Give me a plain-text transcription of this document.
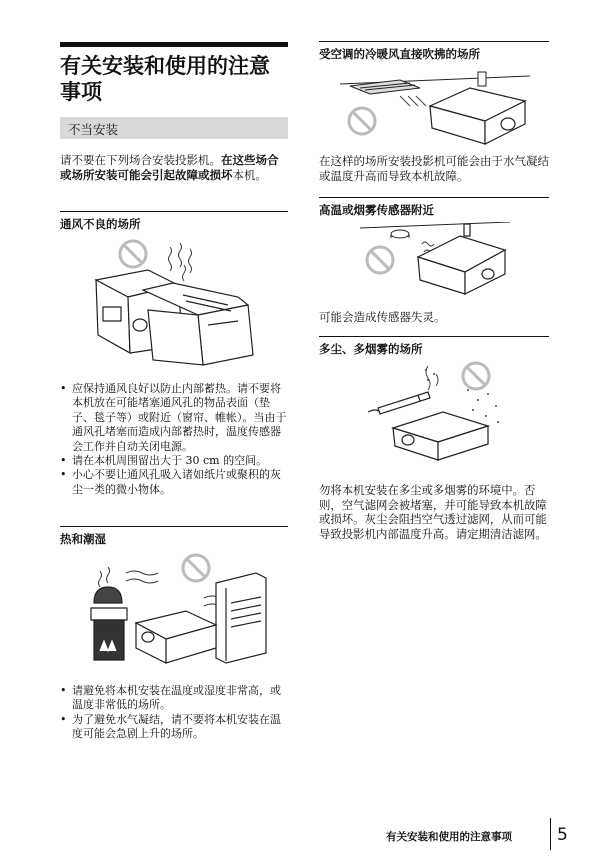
有关安装和使用的注意事项
不当安装
请不要在下列场合安装投影机。在这些场合或场所安装可能会引起故障或损坏本机。
通风不良的场所
• 应保持通风良好以防止内部蓄热。请不要将本机放在可能堵塞通风孔的物品表面（垫子、毯子等）或附近（窗帘、帷帐）。当由于通风孔堵塞而造成内部蓄热时，温度传感器会工作并自动关闭电源。
• 请在本机周围留出大于 30 cm 的空间。
• 小心不要让通风孔吸入诸如纸片或聚积的灰尘一类的微小物体。
热和潮湿
• 请避免将本机安装在温度或湿度非常高，或温度非常低的场所。
• 为了避免水气凝结，请不要将本机安装在温度可能会急剧上升的场所。
受空调的冷暖风直接吹拂的场所
在这样的场所安装投影机可能会由于水气凝结或温度升高而导致本机故障。
高温或烟雾传感器附近
可能会造成传感器失灵。
多尘、多烟雾的场所
勿将本机安装在多尘或多烟雾的环境中。否则，空气滤网会被堵塞，并可能导致本机故障或损坏。灰尘会阻挡空气透过滤网，从而可能导致投影机内部温度升高。请定期清洁滤网。
有关安装和使用的注意事项	5
